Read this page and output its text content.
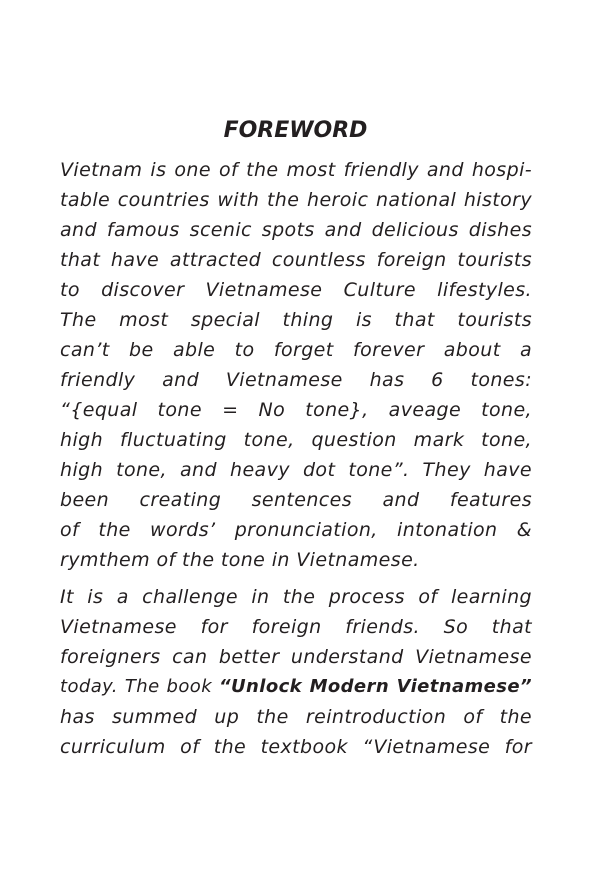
FOREWORD
Vietnam is one of the most friendly and hospi-
table countries with the heroic national history
and famous scenic spots and delicious dishes
that have attracted countless foreign tourists
to discover Vietnamese Culture lifestyles.
The most special thing is that tourists
can’t be able to forget forever about a
friendly and Vietnamese has 6 tones:
“{equal tone = No tone}, aveage tone,
high fluctuating tone, question mark tone,
high tone, and heavy dot tone”. They have
been creating sentences and features
of the words’ pronunciation, intonation &
rymthem of the tone in Vietnamese.
It is a challenge in the process of learning
Vietnamese for foreign friends. So that
foreigners can better understand Vietnamese
today. The book “Unlock Modern Vietnamese”
has summed up the reintroduction of the
curriculum of the textbook “Vietnamese for
